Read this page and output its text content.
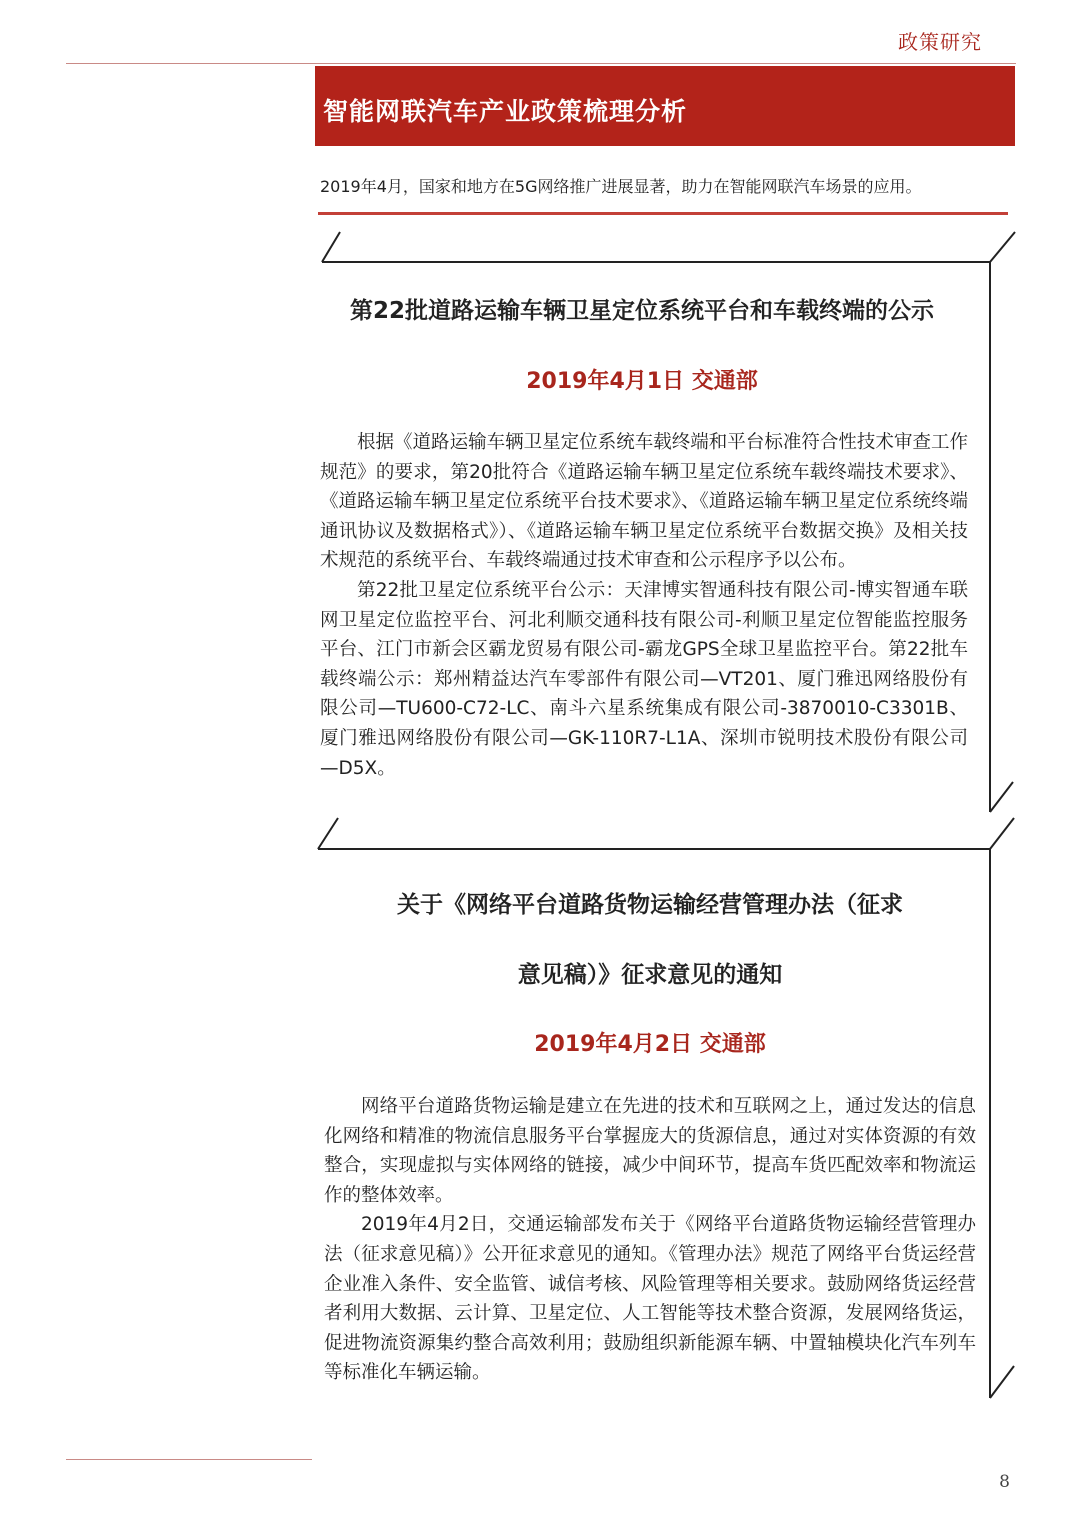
政策研究
智能网联汽车产业政策梳理分析
2019年4月，国家和地方在5G网络推广进展显著，助力在智能网联汽车场景的应用。
第22批道路运输车辆卫星定位系统平台和车载终端的公示
2019年4月1日 交通部

根据《道路运输车辆卫星定位系统车载终端和平台标准符合性技术审查工作规范》的要求，第20批符合《道路运输车辆卫星定位系统车载终端技术要求》、《道路运输车辆卫星定位系统平台技术要求》、《道路运输车辆卫星定位系统终端通讯协议及数据格式》）、《道路运输车辆卫星定位系统平台数据交换》及相关技术规范的系统平台、车载终端通过技术审查和公示程序予以公布。

第22批卫星定位系统平台公示：天津博实智通科技有限公司-博实智通车联网卫星定位监控平台、河北利顺交通科技有限公司-利顺卫星定位智能监控服务平台、江门市新会区霸龙贸易有限公司-霸龙GPS全球卫星监控平台。第22批车载终端公示：郑州精益达汽车零部件有限公司—VT201、厦门雅迅网络股份有限公司—TU600-C72-LC、南斗六星系统集成有限公司-3870010-C3301B、厦门雅迅网络股份有限公司—GK-110R7-L1A、深圳市锐明技术股份有限公司—D5X。

关于《网络平台道路货物运输经营管理办法（征求
意见稿）》征求意见的通知
2019年4月2日 交通部

网络平台道路货物运输是建立在先进的技术和互联网之上，通过发达的信息化网络和精准的物流信息服务平台掌握庞大的货源信息，通过对实体资源的有效整合，实现虚拟与实体网络的链接，减少中间环节，提高车货匹配效率和物流运作的整体效率。

2019年4月2日，交通运输部发布关于《网络平台道路货物运输经营管理办法（征求意见稿）》公开征求意见的通知。《管理办法》规范了网络平台货运经营企业准入条件、安全监管、诚信考核、风险管理等相关要求。鼓励网络货运经营者利用大数据、云计算、卫星定位、人工智能等技术整合资源，发展网络货运，促进物流资源集约整合高效利用；鼓励组织新能源车辆、中置轴模块化汽车列车等标准化车辆运输。

8
